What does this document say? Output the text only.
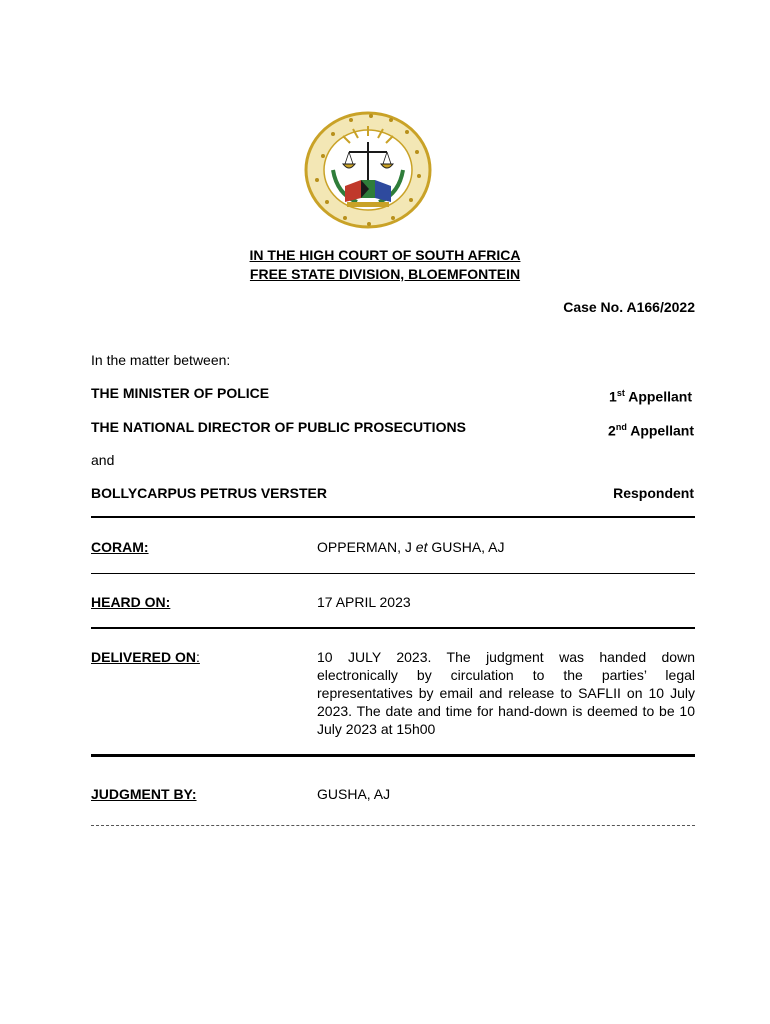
IN THE HIGH COURT OF SOUTH AFRICA
FREE STATE DIVISION, BLOEMFONTEIN
Case No. A166/2022
In the matter between:
THE MINISTER OF POLICE	1st Appellant
THE NATIONAL DIRECTOR OF PUBLIC PROSECUTIONS	2nd Appellant
and
BOLLYCARPUS PETRUS VERSTER	Respondent
CORAM:	OPPERMAN, J et GUSHA, AJ
HEARD ON:	17 APRIL 2023
DELIVERED ON:	10 JULY 2023. The judgment was handed down electronically by circulation to the parties’ legal representatives by email and release to SAFLII on 10 July 2023. The date and time for hand-down is deemed to be 10 July 2023 at 15h00
JUDGMENT BY:	GUSHA, AJ
